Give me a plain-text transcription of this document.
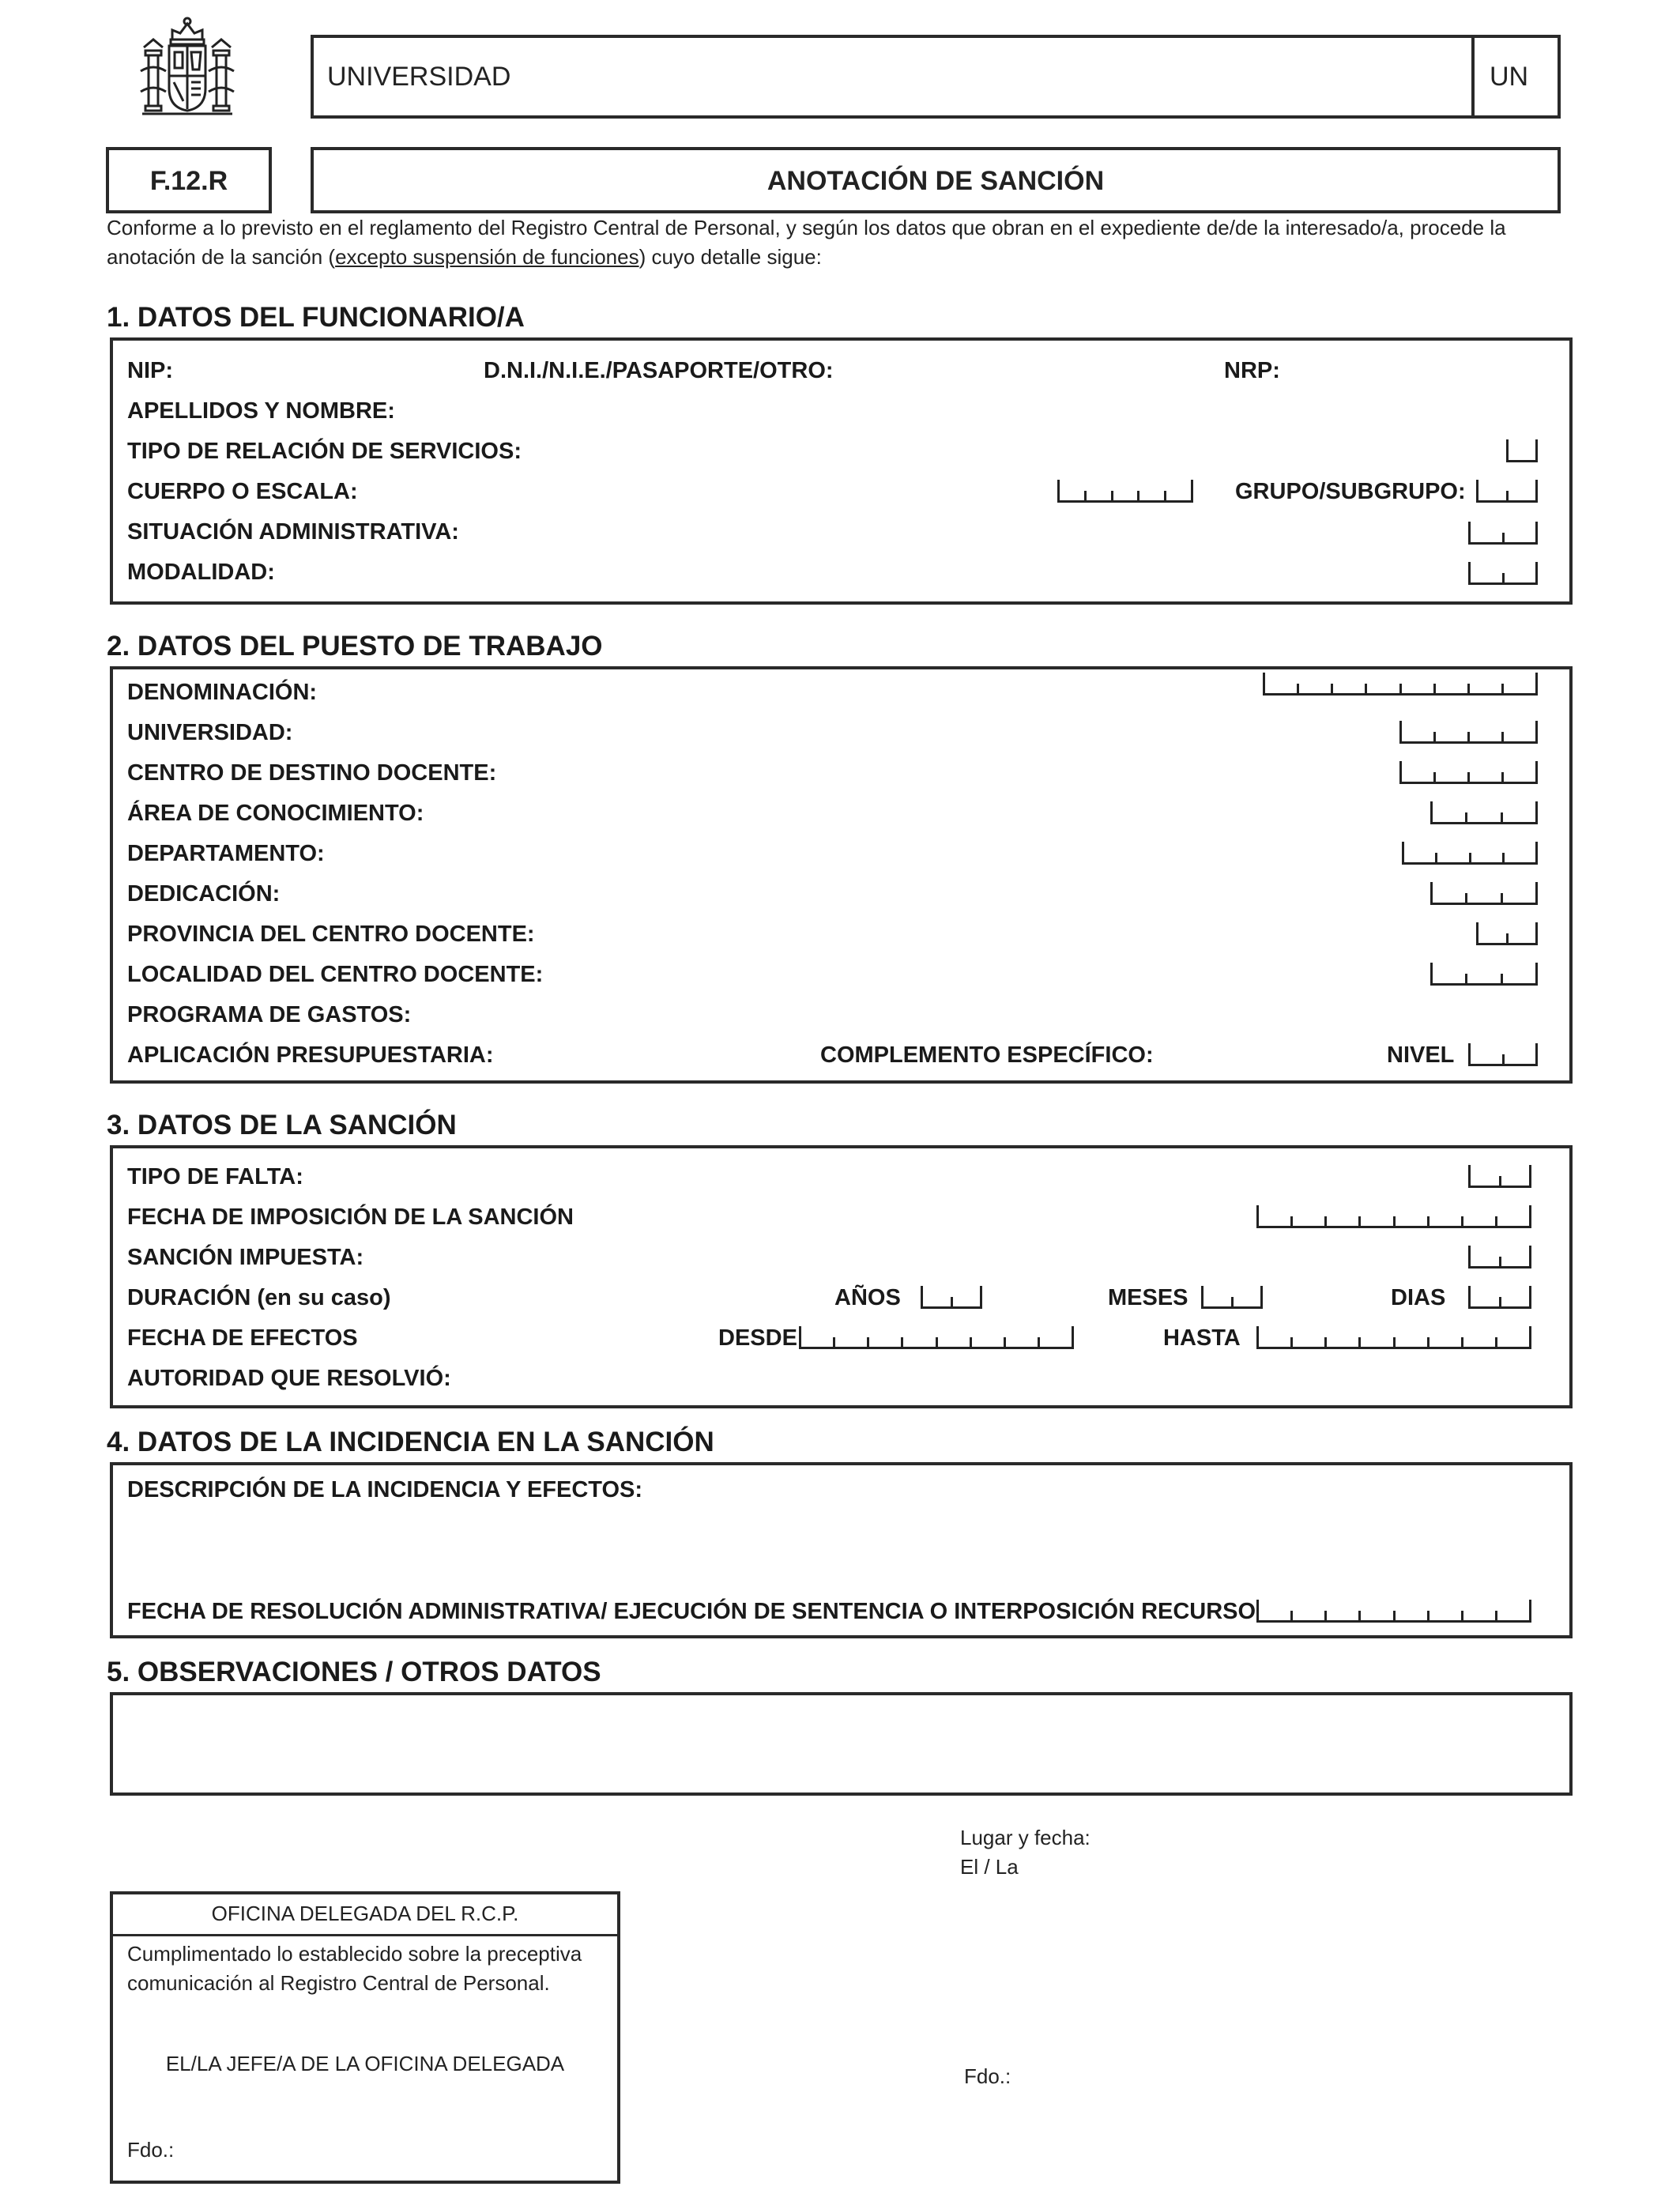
UNIVERSIDAD	UN
F.12.R	ANOTACIÓN DE SANCIÓN
Conforme a lo previsto en el reglamento del Registro Central de Personal, y según los datos que obran en el expediente de/de la interesado/a, procede la anotación de la sanción (excepto suspensión de funciones) cuyo detalle sigue:
1. DATOS DEL FUNCIONARIO/A
NIP:	D.N.I./N.I.E./PASAPORTE/OTRO:	NRP:
APELLIDOS Y NOMBRE:
TIPO DE RELACIÓN DE SERVICIOS:
CUERPO O ESCALA:	GRUPO/SUBGRUPO:
SITUACIÓN ADMINISTRATIVA:
MODALIDAD:
2. DATOS DEL PUESTO DE TRABAJO
DENOMINACIÓN:
UNIVERSIDAD:
CENTRO DE DESTINO DOCENTE:
ÁREA DE CONOCIMIENTO:
DEPARTAMENTO:
DEDICACIÓN:
PROVINCIA DEL CENTRO DOCENTE:
LOCALIDAD DEL CENTRO DOCENTE:
PROGRAMA DE GASTOS:
APLICACIÓN PRESUPUESTARIA:	COMPLEMENTO ESPECÍFICO:	NIVEL
3. DATOS DE LA SANCIÓN
TIPO DE FALTA:
FECHA DE IMPOSICIÓN DE LA SANCIÓN
SANCIÓN IMPUESTA:
DURACIÓN (en su caso)	AÑOS	MESES	DIAS
FECHA DE EFECTOS	DESDE	HASTA
AUTORIDAD QUE RESOLVIÓ:
4. DATOS DE LA INCIDENCIA EN LA SANCIÓN
DESCRIPCIÓN DE LA INCIDENCIA Y EFECTOS:
FECHA DE RESOLUCIÓN ADMINISTRATIVA/ EJECUCIÓN DE SENTENCIA O INTERPOSICIÓN RECURSO
5. OBSERVACIONES / OTROS DATOS
Lugar y fecha:
El / La
Fdo.:
OFICINA DELEGADA DEL R.C.P.
Cumplimentado lo establecido sobre la preceptiva comunicación al Registro Central de Personal.
EL/LA JEFE/A DE LA OFICINA DELEGADA
Fdo.:
